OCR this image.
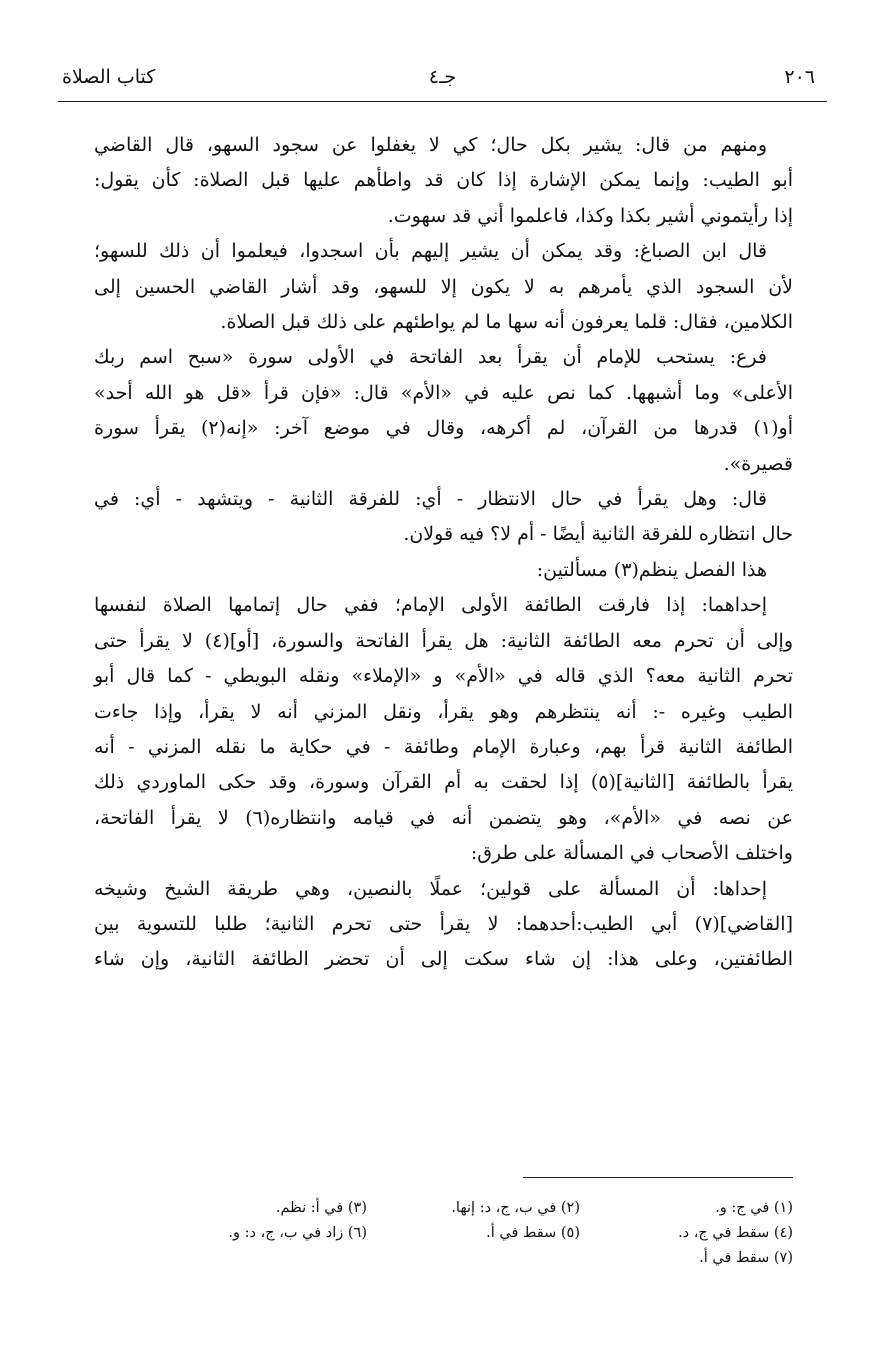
٢٠٦
جـ٤
كتاب الصلاة
ومنهم من قال: يشير بكل حال؛ كي لا يغفلوا عن سجود السهو، قال القاضي
أبو الطيب: وإنما يمكن الإشارة إذا كان قد واطأهم عليها قبل الصلاة: كأن يقول:
إذا رأيتموني أشير بكذا وكذا، فاعلموا أني قد سهوت.
قال ابن الصباغ: وقد يمكن أن يشير إليهم بأن اسجدوا، فيعلموا أن ذلك للسهو؛
لأن السجود الذي يأمرهم به لا يكون إلا للسهو، وقد أشار القاضي الحسين إلى
الكلامين، فقال: قلما يعرفون أنه سها ما لم يواطئهم على ذلك قبل الصلاة.
فرع: يستحب للإمام أن يقرأ بعد الفاتحة في الأولى سورة «سبح اسم ربك
الأعلى» وما أشبهها. كما نص عليه في «الأم» قال: «فإن قرأ «قل هو الله أحد»
أو(١) قدرها من القرآن، لم أكرهه، وقال في موضع آخر: «إنه(٢) يقرأ سورة
قصيرة».
قال: وهل يقرأ في حال الانتظار - أي: للفرقة الثانية - ويتشهد - أي: في
حال انتظاره للفرقة الثانية أيضًا - أم لا؟ فيه قولان.
هذا الفصل ينظم(٣) مسألتين:
إحداهما: إذا فارقت الطائفة الأولى الإمام؛ ففي حال إتمامها الصلاة لنفسها
وإلى أن تحرم معه الطائفة الثانية: هل يقرأ الفاتحة والسورة، [أو](٤) لا يقرأ حتى
تحرم الثانية معه؟ الذي قاله في «الأم» و «الإملاء» ونقله البويطي - كما قال أبو
الطيب وغيره -: أنه ينتظرهم وهو يقرأ، ونقل المزني أنه لا يقرأ، وإذا جاءت
الطائفة الثانية قرأ بهم، وعبارة الإمام وطائفة - في حكاية ما نقله المزني - أنه
يقرأ بالطائفة [الثانية](٥) إذا لحقت به أم القرآن وسورة، وقد حكى الماوردي ذلك
عن نصه في «الأم»، وهو يتضمن أنه في قيامه وانتظاره(٦) لا يقرأ الفاتحة،
واختلف الأصحاب في المسألة على طرق:
إحداها: أن المسألة على قولين؛ عملًا بالنصين، وهي طريقة الشيخ وشيخه
[القاضي](٧) أبي الطيب:أحدهما: لا يقرأ حتى تحرم الثانية؛ طلبا للتسوية بين
الطائفتين، وعلى هذا: إن شاء سكت إلى أن تحضر الطائفة الثانية، وإن شاء
(١) في ج: و.
(٢) في ب، ج، د: إنها.
(٣) في أ: نظم.
(٤) سقط في ج، د.
(٥) سقط في أ.
(٦) زاد في ب، ج، د: و.
(٧) سقط في أ.
